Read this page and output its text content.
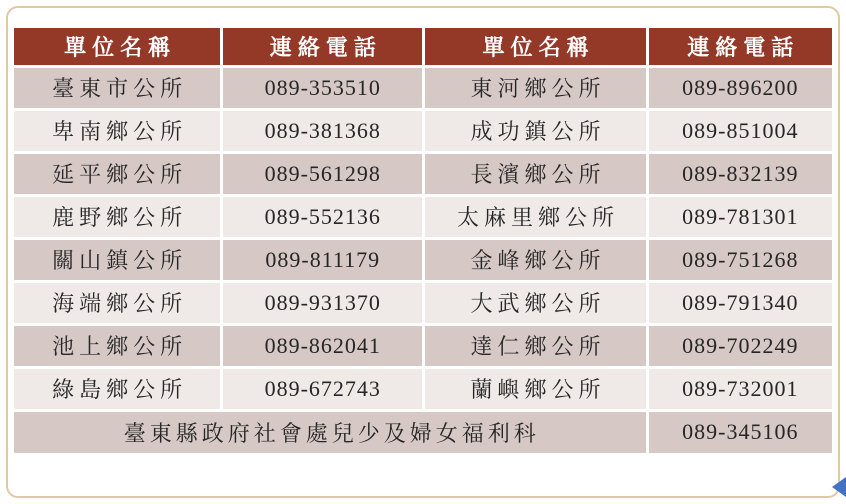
單位名稱	連絡電話	單位名稱	連絡電話
臺東市公所	089-353510	東河鄉公所	089-896200
卑南鄉公所	089-381368	成功鎮公所	089-851004
延平鄉公所	089-561298	長濱鄉公所	089-832139
鹿野鄉公所	089-552136	太麻里鄉公所	089-781301
關山鎮公所	089-811179	金峰鄉公所	089-751268
海端鄉公所	089-931370	大武鄉公所	089-791340
池上鄉公所	089-862041	達仁鄉公所	089-702249
綠島鄉公所	089-672743	蘭嶼鄉公所	089-732001
臺東縣政府社會處兒少及婦女福利科			089-345106
